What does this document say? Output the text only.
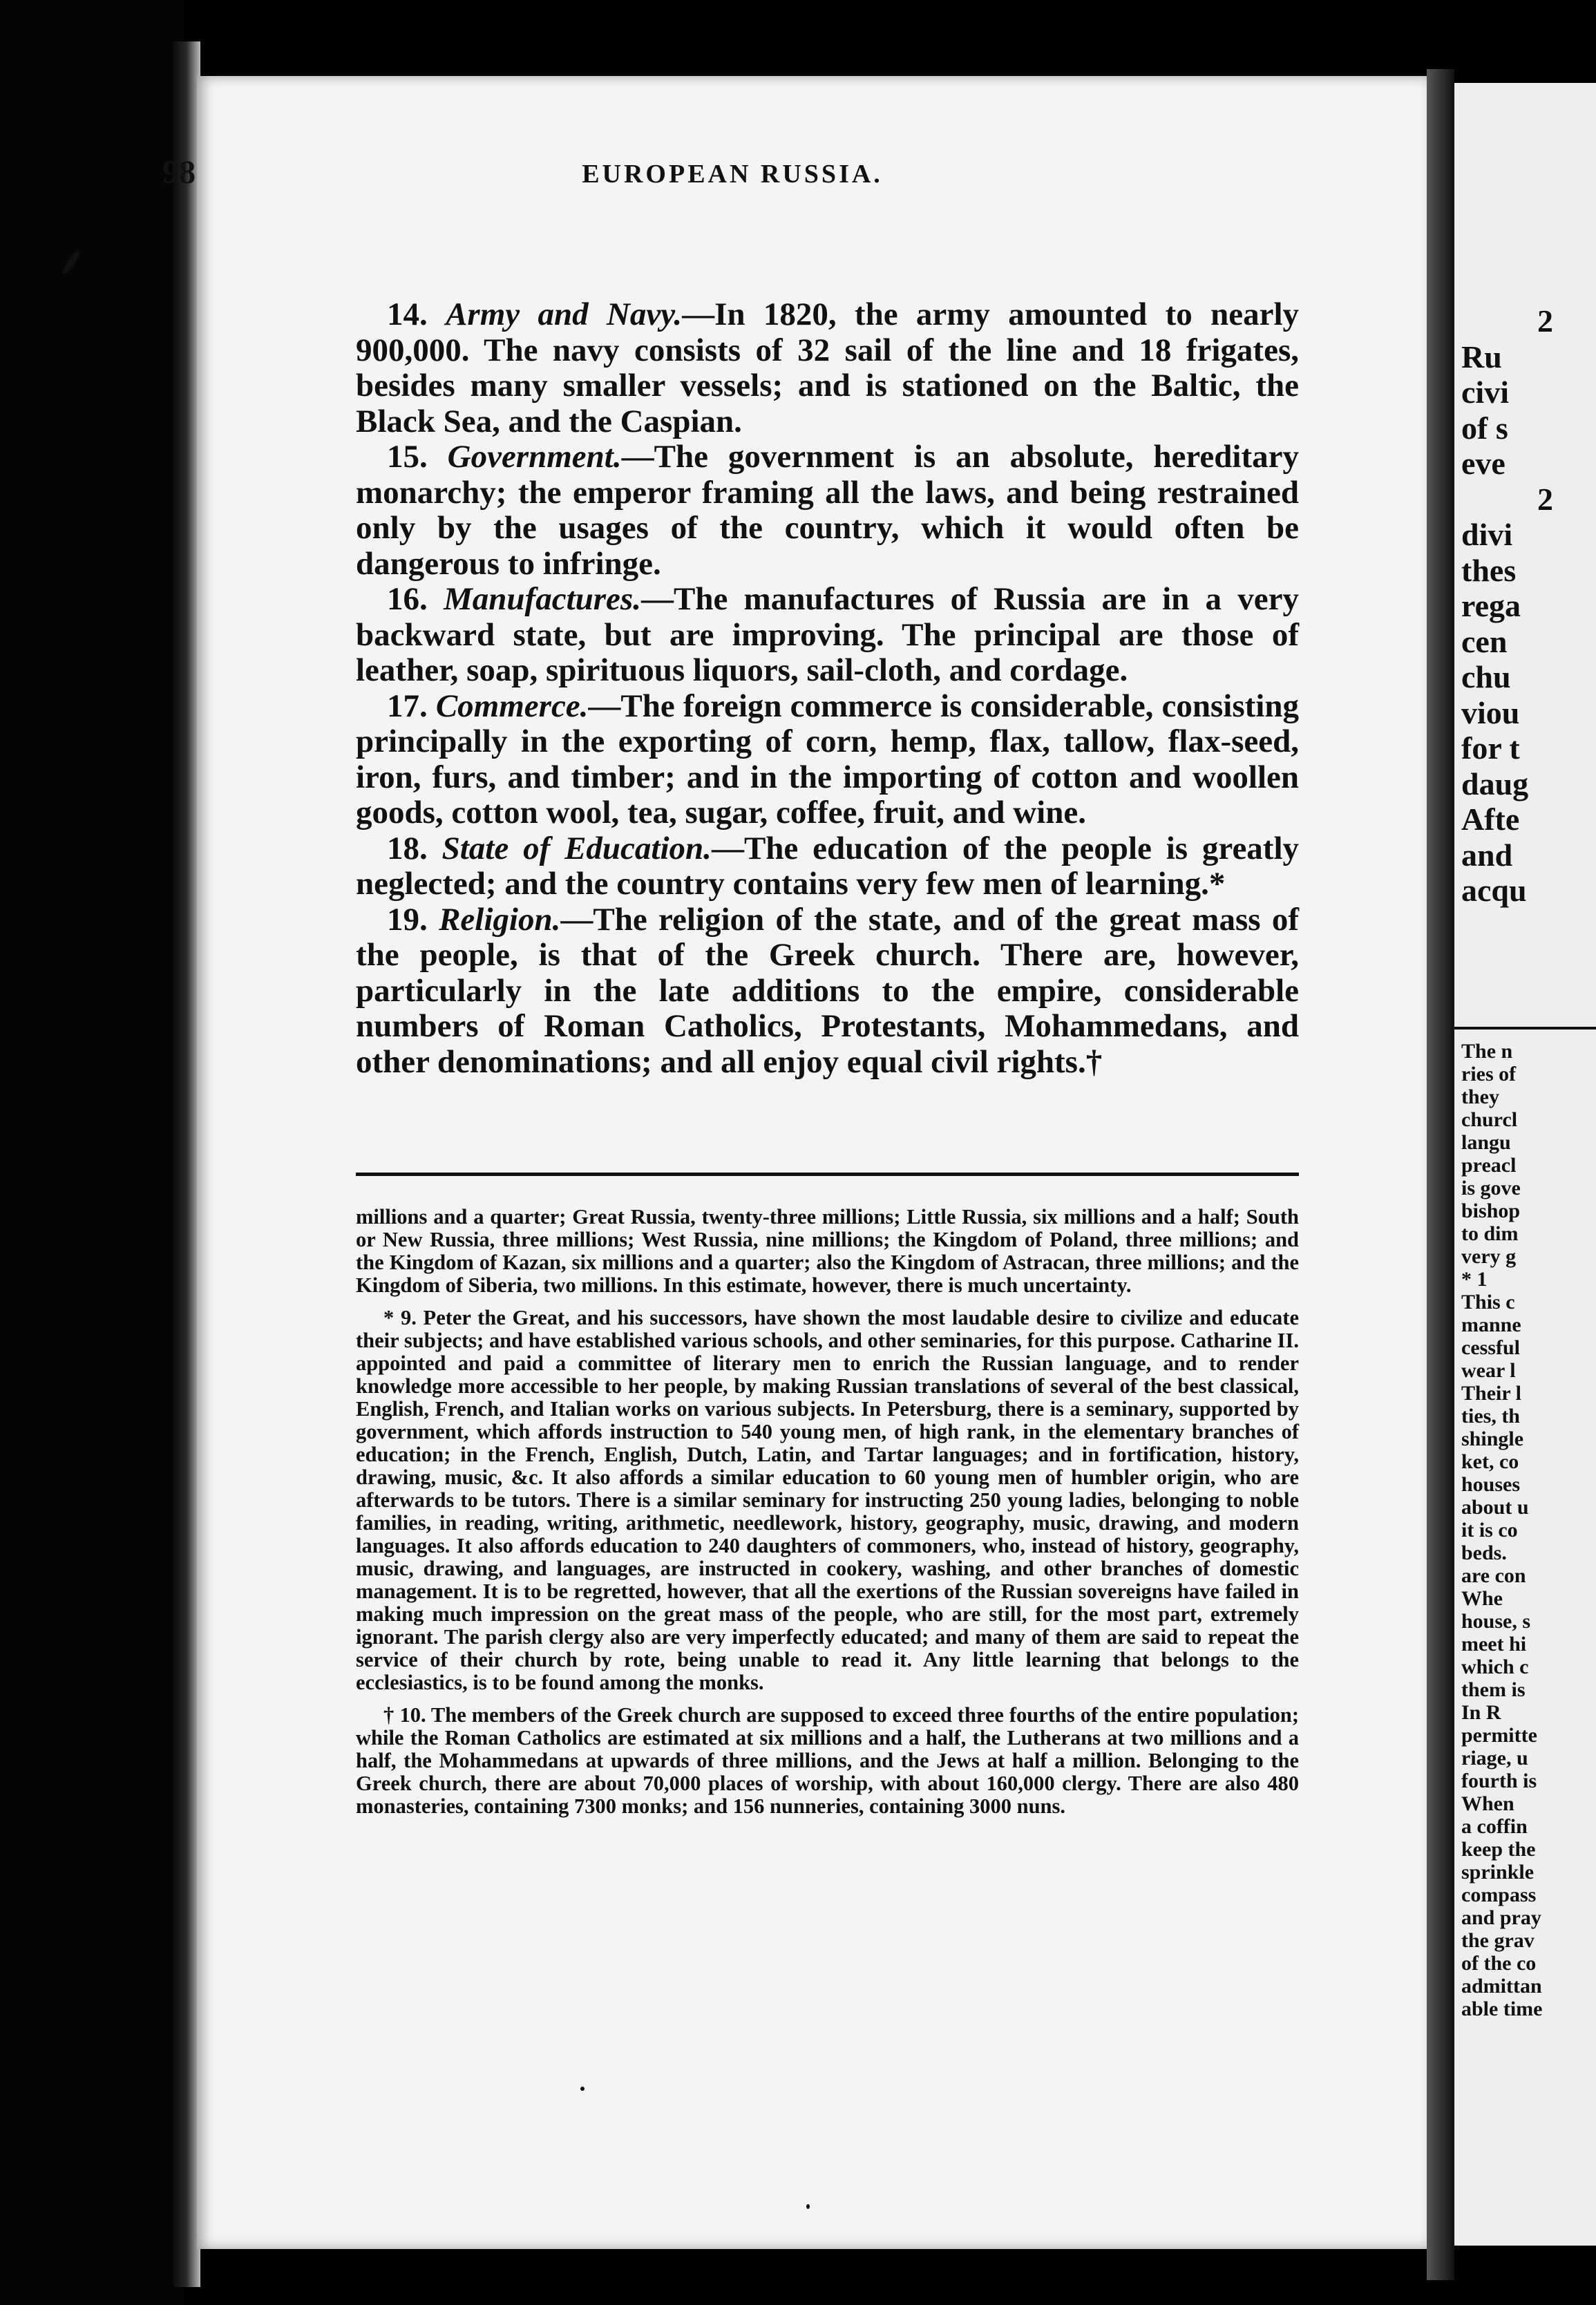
98	EUROPEAN RUSSIA.

14. Army and Navy.—In 1820, the army amounted to nearly 900,000. The navy consists of 32 sail of the line and 18 frigates, besides many smaller vessels; and is stationed on the Baltic, the Black Sea, and the Caspian.

15. Government.—The government is an absolute, hereditary monarchy; the emperor framing all the laws, and being restrained only by the usages of the country, which it would often be dangerous to infringe.

16. Manufactures.—The manufactures of Russia are in a very backward state, but are improving. The principal are those of leather, soap, spirituous liquors, sail-cloth, and cordage.

17. Commerce.—The foreign commerce is considerable, consisting principally in the exporting of corn, hemp, flax, tallow, flax-seed, iron, furs, and timber; and in the importing of cotton and woollen goods, cotton wool, tea, sugar, coffee, fruit, and wine.

18. State of Education.—The education of the people is greatly neglected; and the country contains very few men of learning.*

19. Religion.—The religion of the state, and of the great mass of the people, is that of the Greek church. There are, however, particularly in the late additions to the empire, considerable numbers of Roman Catholics, Protestants, Mohammedans, and other denominations; and all enjoy equal civil rights.†

millions and a quarter; Great Russia, twenty-three millions; Little Russia, six millions and a half; South or New Russia, three millions; West Russia, nine millions; the Kingdom of Poland, three millions; and the Kingdom of Kazan, six millions and a quarter; also the Kingdom of Astracan, three millions; and the Kingdom of Siberia, two millions. In this estimate, however, there is much uncertainty.

* 9. Peter the Great, and his successors, have shown the most laudable desire to civilize and educate their subjects; and have established various schools, and other seminaries, for this purpose. Catharine II. appointed and paid a committee of literary men to enrich the Russian language, and to render knowledge more accessible to her people, by making Russian translations of several of the best classical, English, French, and Italian works on various subjects. In Petersburg, there is a seminary, supported by government, which affords instruction to 540 young men, of high rank, in the elementary branches of education; in the French, English, Dutch, Latin, and Tartar languages; and in fortification, history, drawing, music, &c. It also affords a similar education to 60 young men of humbler origin, who are afterwards to be tutors. There is a similar seminary for instructing 250 young ladies, belonging to noble families, in reading, writing, arithmetic, needlework, history, geography, music, drawing, and modern languages. It also affords education to 240 daughters of commoners, who, instead of history, geography, music, drawing, and languages, are instructed in cookery, washing, and other branches of domestic management. It is to be regretted, however, that all the exertions of the Russian sovereigns have failed in making much impression on the great mass of the people, who are still, for the most part, extremely ignorant. The parish clergy also are very imperfectly educated; and many of them are said to repeat the service of their church by rote, being unable to read it. Any little learning that belongs to the ecclesiastics, is to be found among the monks.

† 10. The members of the Greek church are supposed to exceed three fourths of the entire population; while the Roman Catholics are estimated at six millions and a half, the Lutherans at two millions and a half, the Mohammedans at upwards of three millions, and the Jews at half a million. Belonging to the Greek church, there are about 70,000 places of worship, with about 160,000 clergy. There are also 480 monasteries, containing 7300 monks; and 156 nunneries, containing 3000 nuns.

2
Ru
civi
of s
eve
2
divi
thes
rega
cen
chu
viou
for t
daug
Afte
and
acqu
The n
ries of
they
churcl
langu
preacl
is gove
bishop
to dim
very g
* 1
This c
manne
cessful
wear l
Their l
ties, th
shingle
ket, co
houses
about u
it is co
beds.
are con
Whe
house, s
meet hi
which c
them is
In R
permitte
riage, u
fourth is
When
a coffin
keep the
sprinkle
compass
and pray
the grav
of the co
admittan
able time
